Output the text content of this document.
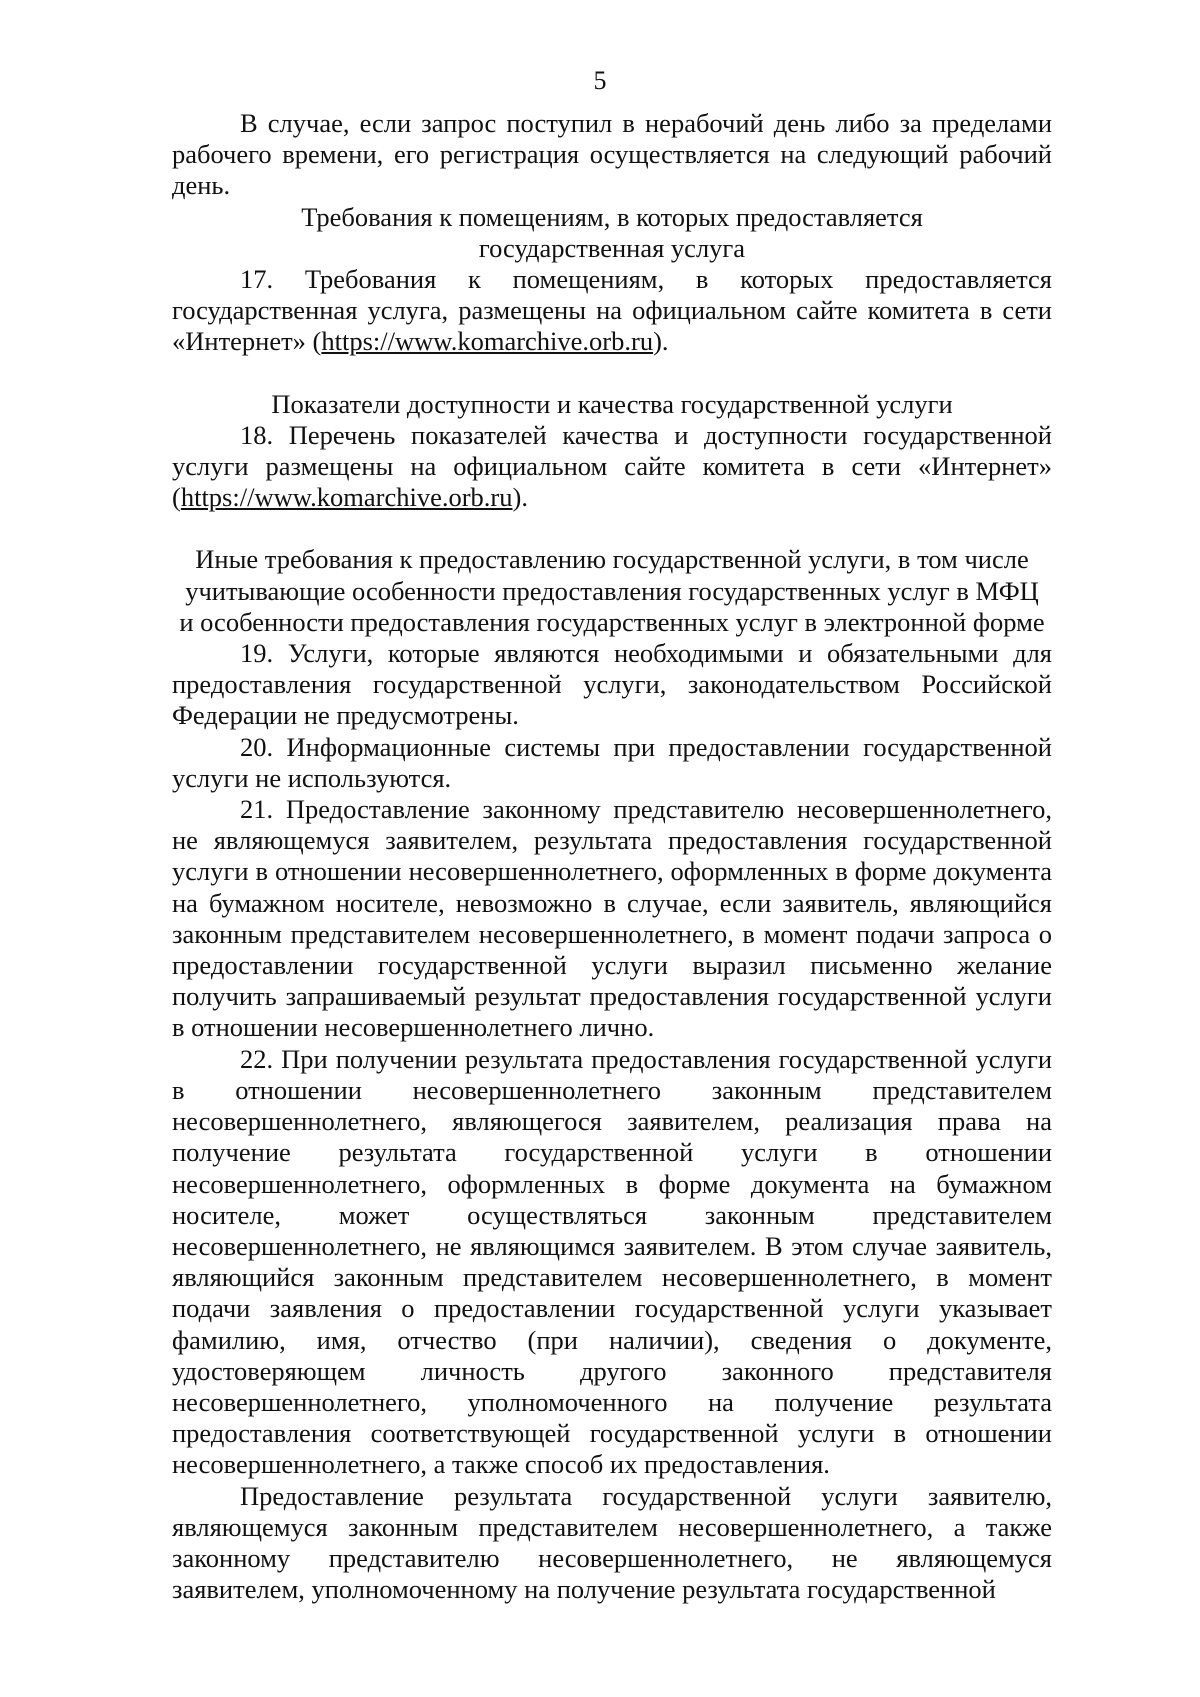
5

В случае, если запрос поступил в нерабочий день либо за пределами рабочего времени, его регистрация осуществляется на следующий рабочий день.

Требования к помещениям, в которых предоставляется
государственная услуга

17. Требования к помещениям, в которых предоставляется государственная услуга, размещены на официальном сайте комитета в сети «Интернет» (https://www.komarchive.orb.ru).

Показатели доступности и качества государственной услуги

18. Перечень показателей качества и доступности государственной услуги размещены на официальном сайте комитета в сети «Интернет» (https://www.komarchive.orb.ru).

Иные требования к предоставлению государственной услуги, в том числе
учитывающие особенности предоставления государственных услуг в МФЦ
и особенности предоставления государственных услуг в электронной форме

19. Услуги, которые являются необходимыми и обязательными для предоставления государственной услуги, законодательством Российской Федерации не предусмотрены.

20. Информационные системы при предоставлении государственной услуги не используются.

21. Предоставление законному представителю несовершеннолетнего, не являющемуся заявителем, результата предоставления государственной услуги в отношении несовершеннолетнего, оформленных в форме документа на бумажном носителе, невозможно в случае, если заявитель, являющийся законным представителем несовершеннолетнего, в момент подачи запроса о предоставлении государственной услуги выразил письменно желание получить запрашиваемый результат предоставления государственной услуги в отношении несовершеннолетнего лично.

22. При получении результата предоставления государственной услуги в отношении несовершеннолетнего законным представителем несовершеннолетнего, являющегося заявителем, реализация права на получение результата государственной услуги в отношении несовершеннолетнего, оформленных в форме документа на бумажном носителе, может осуществляться законным представителем несовершеннолетнего, не являющимся заявителем. В этом случае заявитель, являющийся законным представителем несовершеннолетнего, в момент подачи заявления о предоставлении государственной услуги указывает фамилию, имя, отчество (при наличии), сведения о документе, удостоверяющем личность другого законного представителя несовершеннолетнего, уполномоченного на получение результата предоставления соответствующей государственной услуги в отношении несовершеннолетнего, а также способ их предоставления.

Предоставление результата государственной услуги заявителю, являющемуся законным представителем несовершеннолетнего, а также законному представителю несовершеннолетнего, не являющемуся заявителем, уполномоченному на получение результата государственной
